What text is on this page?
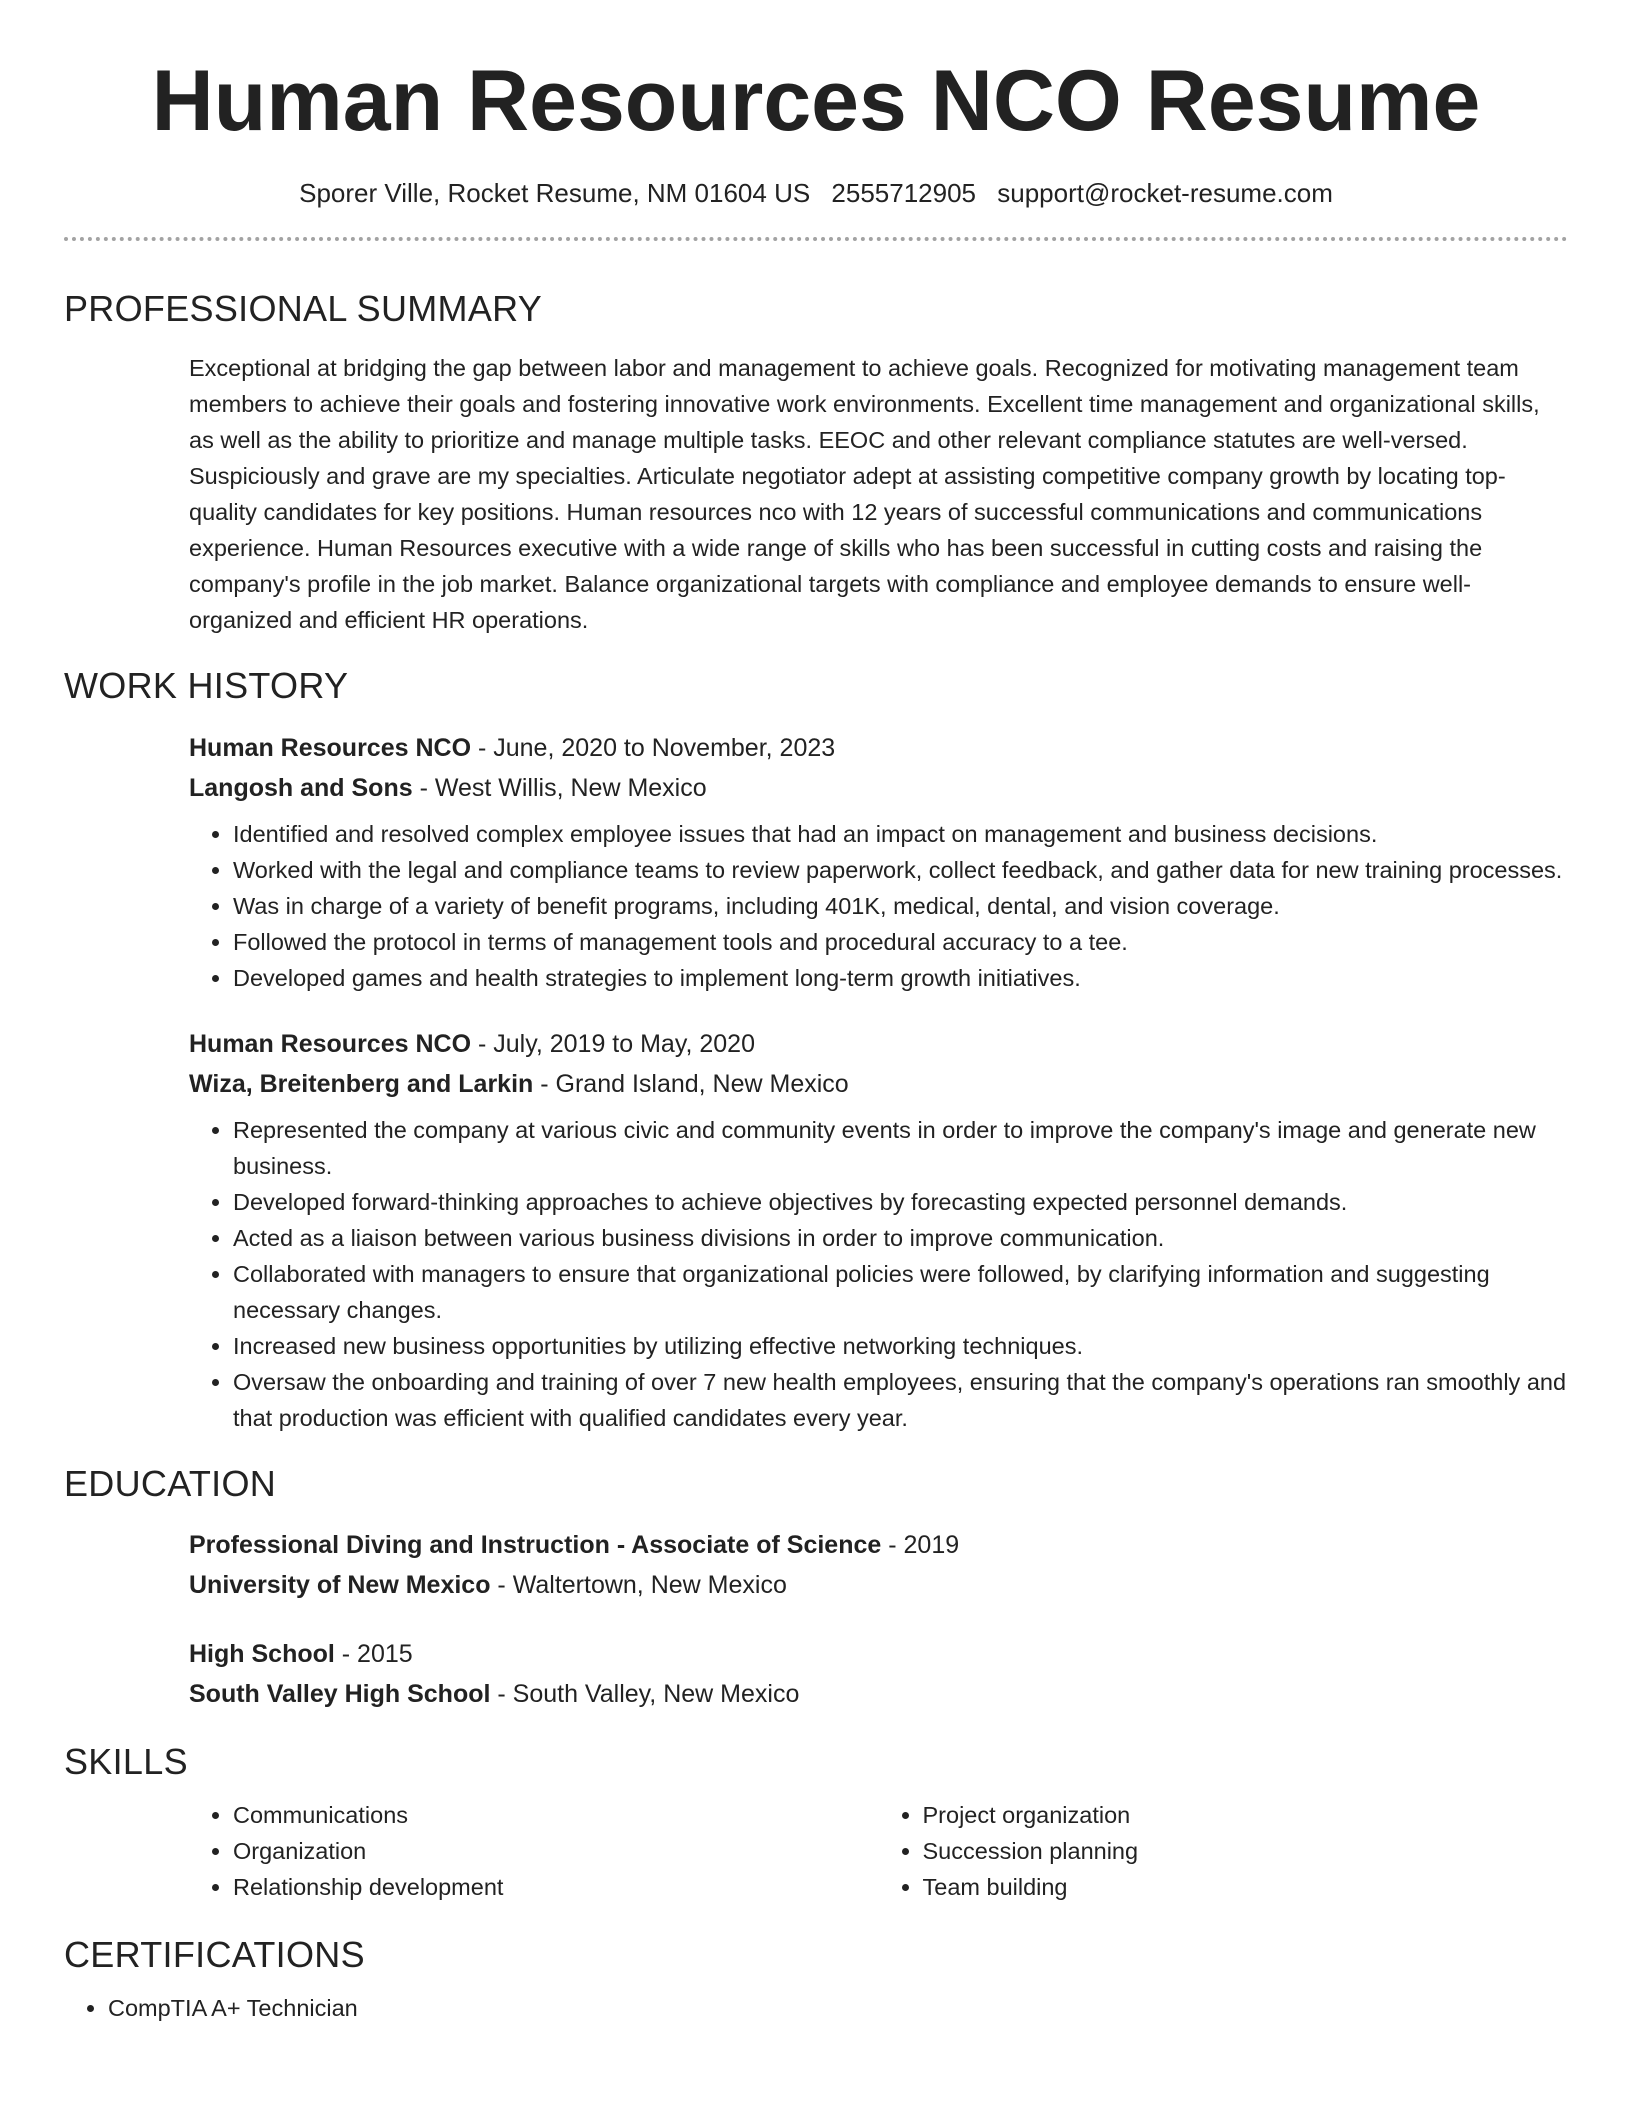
Human Resources NCO Resume
Sporer Ville, Rocket Resume, NM 01604 US 2555712905 support@rocket-resume.com
PROFESSIONAL SUMMARY

Exceptional at bridging the gap between labor and management to achieve goals. Recognized for motivating management team members to achieve their goals and fostering innovative work environments. Excellent time management and organizational skills, as well as the ability to prioritize and manage multiple tasks. EEOC and other relevant compliance statutes are well-versed. Suspiciously and grave are my specialties. Articulate negotiator adept at assisting competitive company growth by locating top-quality candidates for key positions. Human resources nco with 12 years of successful communications and communications experience. Human Resources executive with a wide range of skills who has been successful in cutting costs and raising the company's profile in the job market. Balance organizational targets with compliance and employee demands to ensure well-organized and efficient HR operations.

WORK HISTORY
Human Resources NCO - June, 2020 to November, 2023
Langosh and Sons - West Willis, New Mexico
• Identified and resolved complex employee issues that had an impact on management and business decisions.
• Worked with the legal and compliance teams to review paperwork, collect feedback, and gather data for new training processes.
• Was in charge of a variety of benefit programs, including 401K, medical, dental, and vision coverage.
• Followed the protocol in terms of management tools and procedural accuracy to a tee.
• Developed games and health strategies to implement long-term growth initiatives.
Human Resources NCO - July, 2019 to May, 2020
Wiza, Breitenberg and Larkin - Grand Island, New Mexico
• Represented the company at various civic and community events in order to improve the company's image and generate new business.
• Developed forward-thinking approaches to achieve objectives by forecasting expected personnel demands.
• Acted as a liaison between various business divisions in order to improve communication.
• Collaborated with managers to ensure that organizational policies were followed, by clarifying information and suggesting necessary changes.
• Increased new business opportunities by utilizing effective networking techniques.
• Oversaw the onboarding and training of over 7 new health employees, ensuring that the company's operations ran smoothly and that production was efficient with qualified candidates every year.
EDUCATION
Professional Diving and Instruction - Associate of Science - 2019
University of New Mexico - Waltertown, New Mexico
High School - 2015
South Valley High School - South Valley, New Mexico
SKILLS
• Communications
• Organization
• Relationship development
• Project organization
• Succession planning
• Team building
CERTIFICATIONS
• CompTIA A+ Technician
